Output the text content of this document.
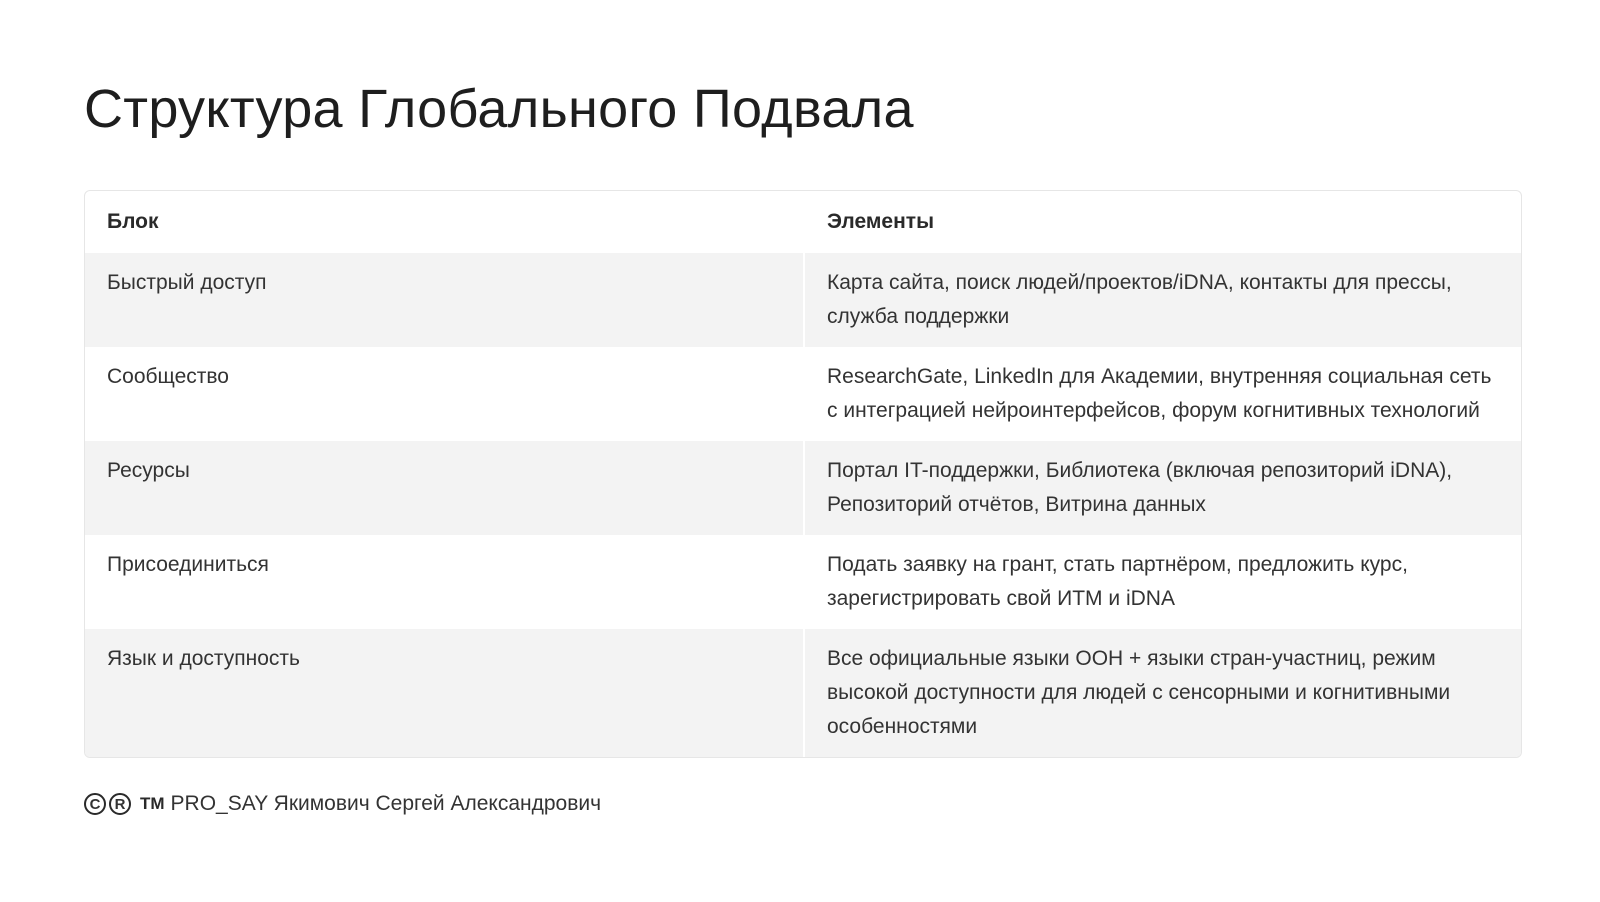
Структура Глобального Подвала
Блок	Элементы
Быстрый доступ	Карта сайта, поиск людей/проектов/iDNA, контакты для прессы, служба поддержки
Сообщество	ResearchGate, LinkedIn для Академии, внутренняя социальная сеть с интеграцией нейроинтерфейсов, форум когнитивных технологий
Ресурсы	Портал IT-поддержки, Библиотека (включая репозиторий iDNA), Репозиторий отчётов, Витрина данных
Присоединиться	Подать заявку на грант, стать партнёром, предложить курс, зарегистрировать свой ИТМ и iDNA
Язык и доступность	Все официальные языки ООН + языки стран-участниц, режим высокой доступности для людей с сенсорными и когнитивными особенностями
C R TM PRO_SAY Якимович Сергей Александрович
